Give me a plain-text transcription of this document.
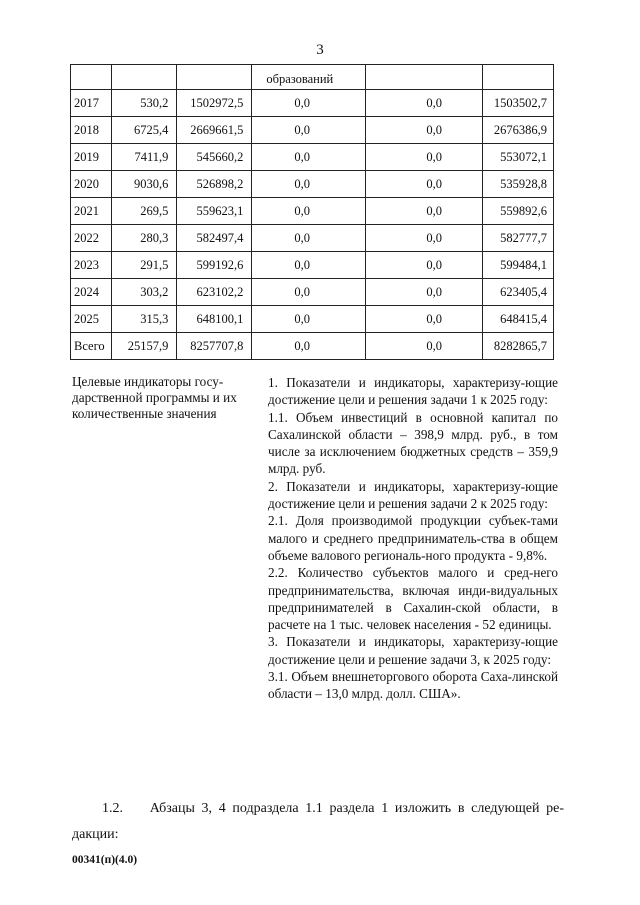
3
			образований		
2017	530,2	1502972,5	0,0	0,0	1503502,7
2018	6725,4	2669661,5	0,0	0,0	2676386,9
2019	7411,9	545660,2	0,0	0,0	553072,1
2020	9030,6	526898,2	0,0	0,0	535928,8
2021	269,5	559623,1	0,0	0,0	559892,6
2022	280,3	582497,4	0,0	0,0	582777,7
2023	291,5	599192,6	0,0	0,0	599484,1
2024	303,2	623102,2	0,0	0,0	623405,4
2025	315,3	648100,1	0,0	0,0	648415,4
Всего	25157,9	8257707,8	0,0	0,0	8282865,7
Целевые индикаторы госу-дарственной программы и их количественные значения

1. Показатели и индикаторы, характеризу-ющие достижение цели и решения задачи 1 к 2025 году:

1.1. Объем инвестиций в основной капитал по Сахалинской области – 398,9 млрд. руб., в том числе за исключением бюджетных средств – 359,9 млрд. руб.

2. Показатели и индикаторы, характеризу-ющие достижение цели и решения задачи 2 к 2025 году:

2.1. Доля производимой продукции субъек-тами малого и среднего предприниматель-ства в общем объеме валового региональ-ного продукта - 9,8%.

2.2. Количество субъектов малого и сред-него предпринимательства, включая инди-видуальных предпринимателей в Сахалин-ской области, в расчете на 1 тыс. человек населения - 52 единицы.

3. Показатели и индикаторы, характеризу-ющие достижение цели и решение задачи 3, к 2025 году:

3.1. Объем внешнеторгового оборота Саха-линской области – 13,0 млрд. долл. США».

1.2. Абзацы 3, 4 подраздела 1.1 раздела 1 изложить в следующей ре-дакции:
00341(п)(4.0)
